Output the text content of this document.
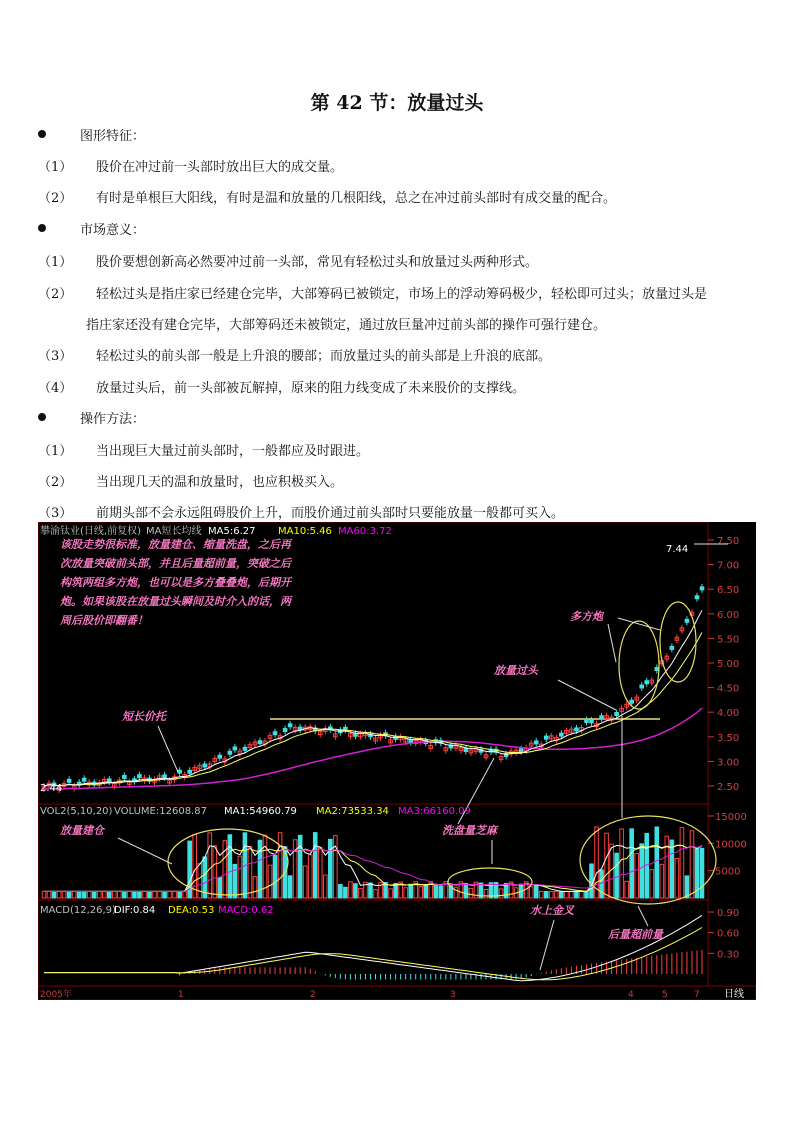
第 42 节：放量过头
图形特征：
（1） 股价在冲过前一头部时放出巨大的成交量。
（2） 有时是单根巨大阳线，有时是温和放量的几根阳线，总之在冲过前头部时有成交量的配合。
市场意义：
（1） 股价要想创新高必然要冲过前一头部，常见有轻松过头和放量过头两种形式。
（2） 轻松过头是指庄家已经建仓完毕，大部筹码已被锁定，市场上的浮动筹码极少，轻松即可过头；放量过头是
指庄家还没有建仓完毕，大部筹码还未被锁定，通过放巨量冲过前头部的操作可强行建仓。
（3） 轻松过头的前头部一般是上升浪的腰部；而放量过头的前头部是上升浪的底部。
（4） 放量过头后，前一头部被瓦解掉，原来的阻力线变成了未来股价的支撑线。
操作方法：
（1） 当出现巨大量过前头部时，一般都应及时跟进。
（2） 当出现几天的温和放量时，也应积极买入。
（3） 前期头部不会永远阻碍股价上升，而股价通过前头部时只要能放量一般都可买入。
攀渝钛业(日线,前复权) MA短长均线 MA5:6.27 MA10:5.46 MA60:3.72
7.50
7.00
6.50
6.00
5.50
5.00
4.50
4.00
3.50
3.00
2.50
该股走势很标准，放量建仓、缩量洗盘，之后再
次放量突破前头部，并且后量超前量，突破之后
构筑两组多方炮，也可以是多方叠叠炮，后期开
炮。如果该股在放量过头瞬间及时介入的话，两
周后股价即翻番！
短长价托
放量过头
多方炮
7.44
2.44
VOL2(5,10,20) VOLUME:12608.87 MA1:54960.79 MA2:73533.34 MA3:66160.09
15000
10000
5000
放量建仓	洗盘量芝麻
MACD(12,26,9)
DIF:0.84 DEA:0.53 MACD:0.62	0.90
0.60
0.30
水上金叉
后量超前量
2005年	1	2	3	4	5	7 日线
